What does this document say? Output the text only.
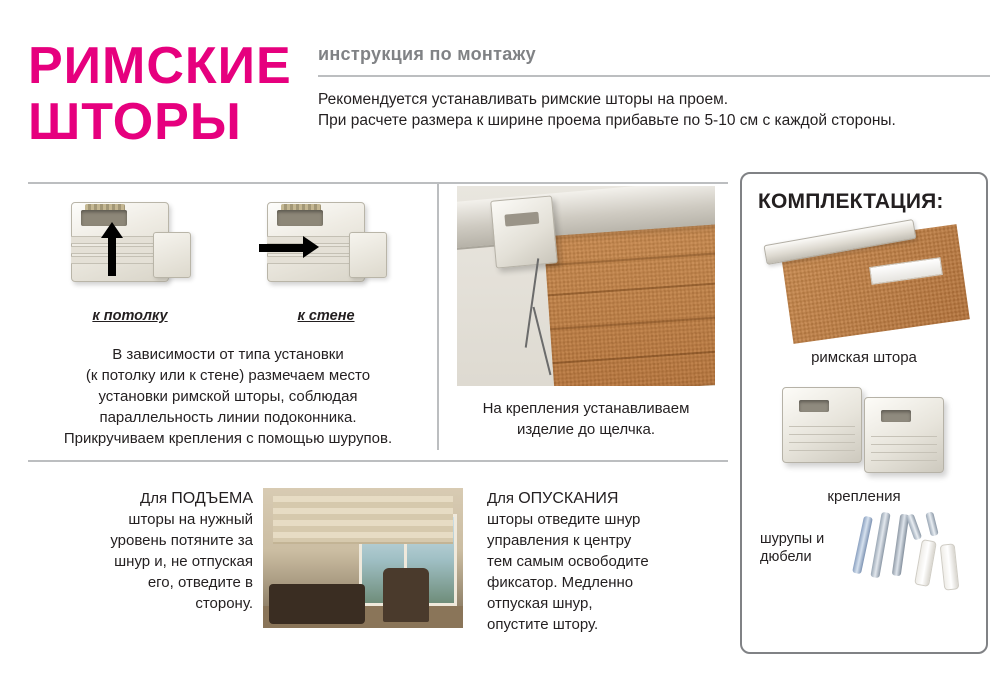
РИМСКИЕ
ШТОРЫ
инструкция по монтажу
Рекомендуется устанавливать римские шторы на проем.
При расчете размера к ширине проема прибавьте по 5-10 см с каждой стороны.
к потолку	к стене
В зависимости от типа установки
(к потолку или к стене) размечаем место
установки римской шторы, соблюдая
параллельность линии подоконника.
Прикручиваем крепления с помощью шурупов.
На крепления устанавливаем
изделие до щелчка.
Для ПОДЪЕМА
шторы на нужный
уровень потяните за
шнур и, не отпуская
его, отведите в
сторону.
Для ОПУСКАНИЯ
шторы отведите шнур
управления к центру
тем самым освободите
фиксатор. Медленно
отпуская шнур,
опустите штору.
КОМПЛЕКТАЦИЯ:
римская штора
крепления
шурупы и
дюбели
